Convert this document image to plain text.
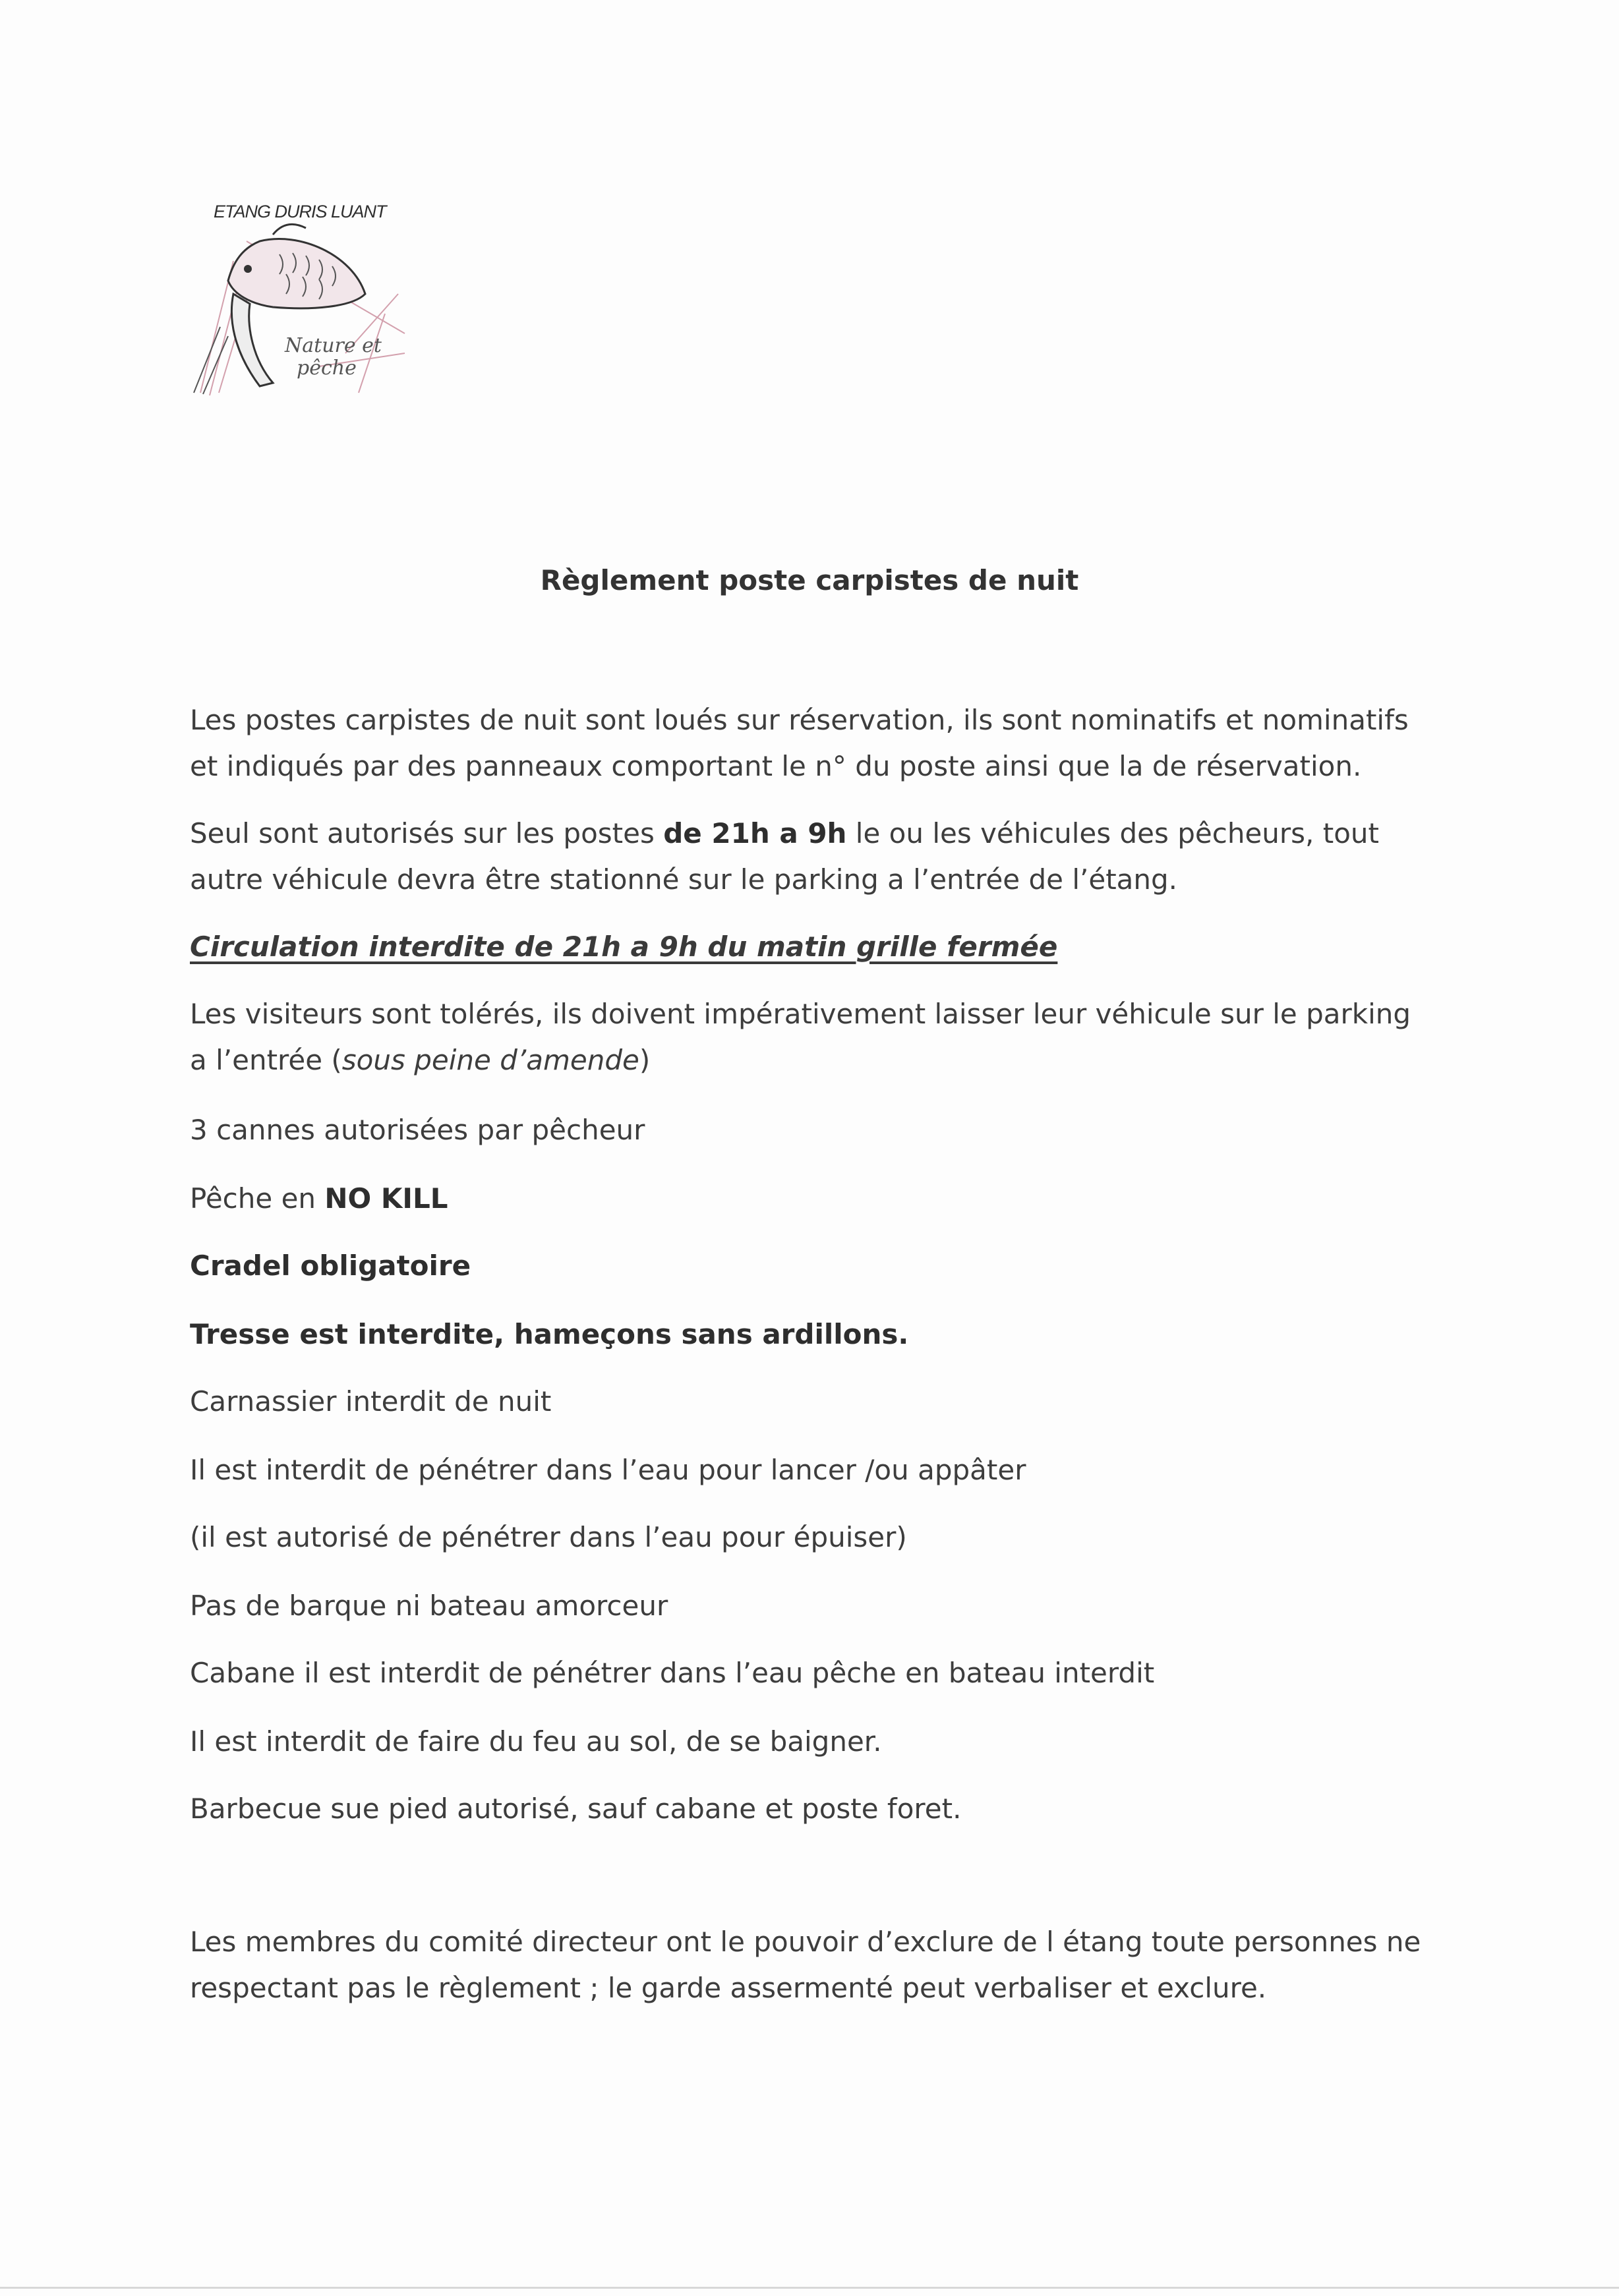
ETANG DURIS LUANT
Nature et
pêche
Règlement poste carpistes de nuit
Les postes carpistes de nuit sont loués sur réservation, ils sont nominatifs et nominatifs
et indiqués par des panneaux comportant le n° du poste ainsi que la de réservation.
Seul sont autorisés sur les postes de 21h a 9h le ou les véhicules des pêcheurs, tout
autre véhicule devra être stationné sur le parking a l’entrée de l’étang.
Circulation interdite de 21h a 9h du matin grille fermée
Les visiteurs sont tolérés, ils doivent impérativement laisser leur véhicule sur le parking
a l’entrée (sous peine d’amende)
3 cannes autorisées par pêcheur
Pêche en NO KILL
Cradel obligatoire
Tresse est interdite, hameçons sans ardillons.
Carnassier interdit de nuit
Il est interdit de pénétrer dans l’eau pour lancer /ou appâter
(il est autorisé de pénétrer dans l’eau pour épuiser)
Pas de barque ni bateau amorceur
Cabane il est interdit de pénétrer dans l’eau pêche en bateau interdit
Il est interdit de faire du feu au sol, de se baigner.
Barbecue sue pied autorisé, sauf cabane et poste foret.
Les membres du comité directeur ont le pouvoir d’exclure de l étang toute personnes ne
respectant pas le règlement ; le garde assermenté peut verbaliser et exclure.
